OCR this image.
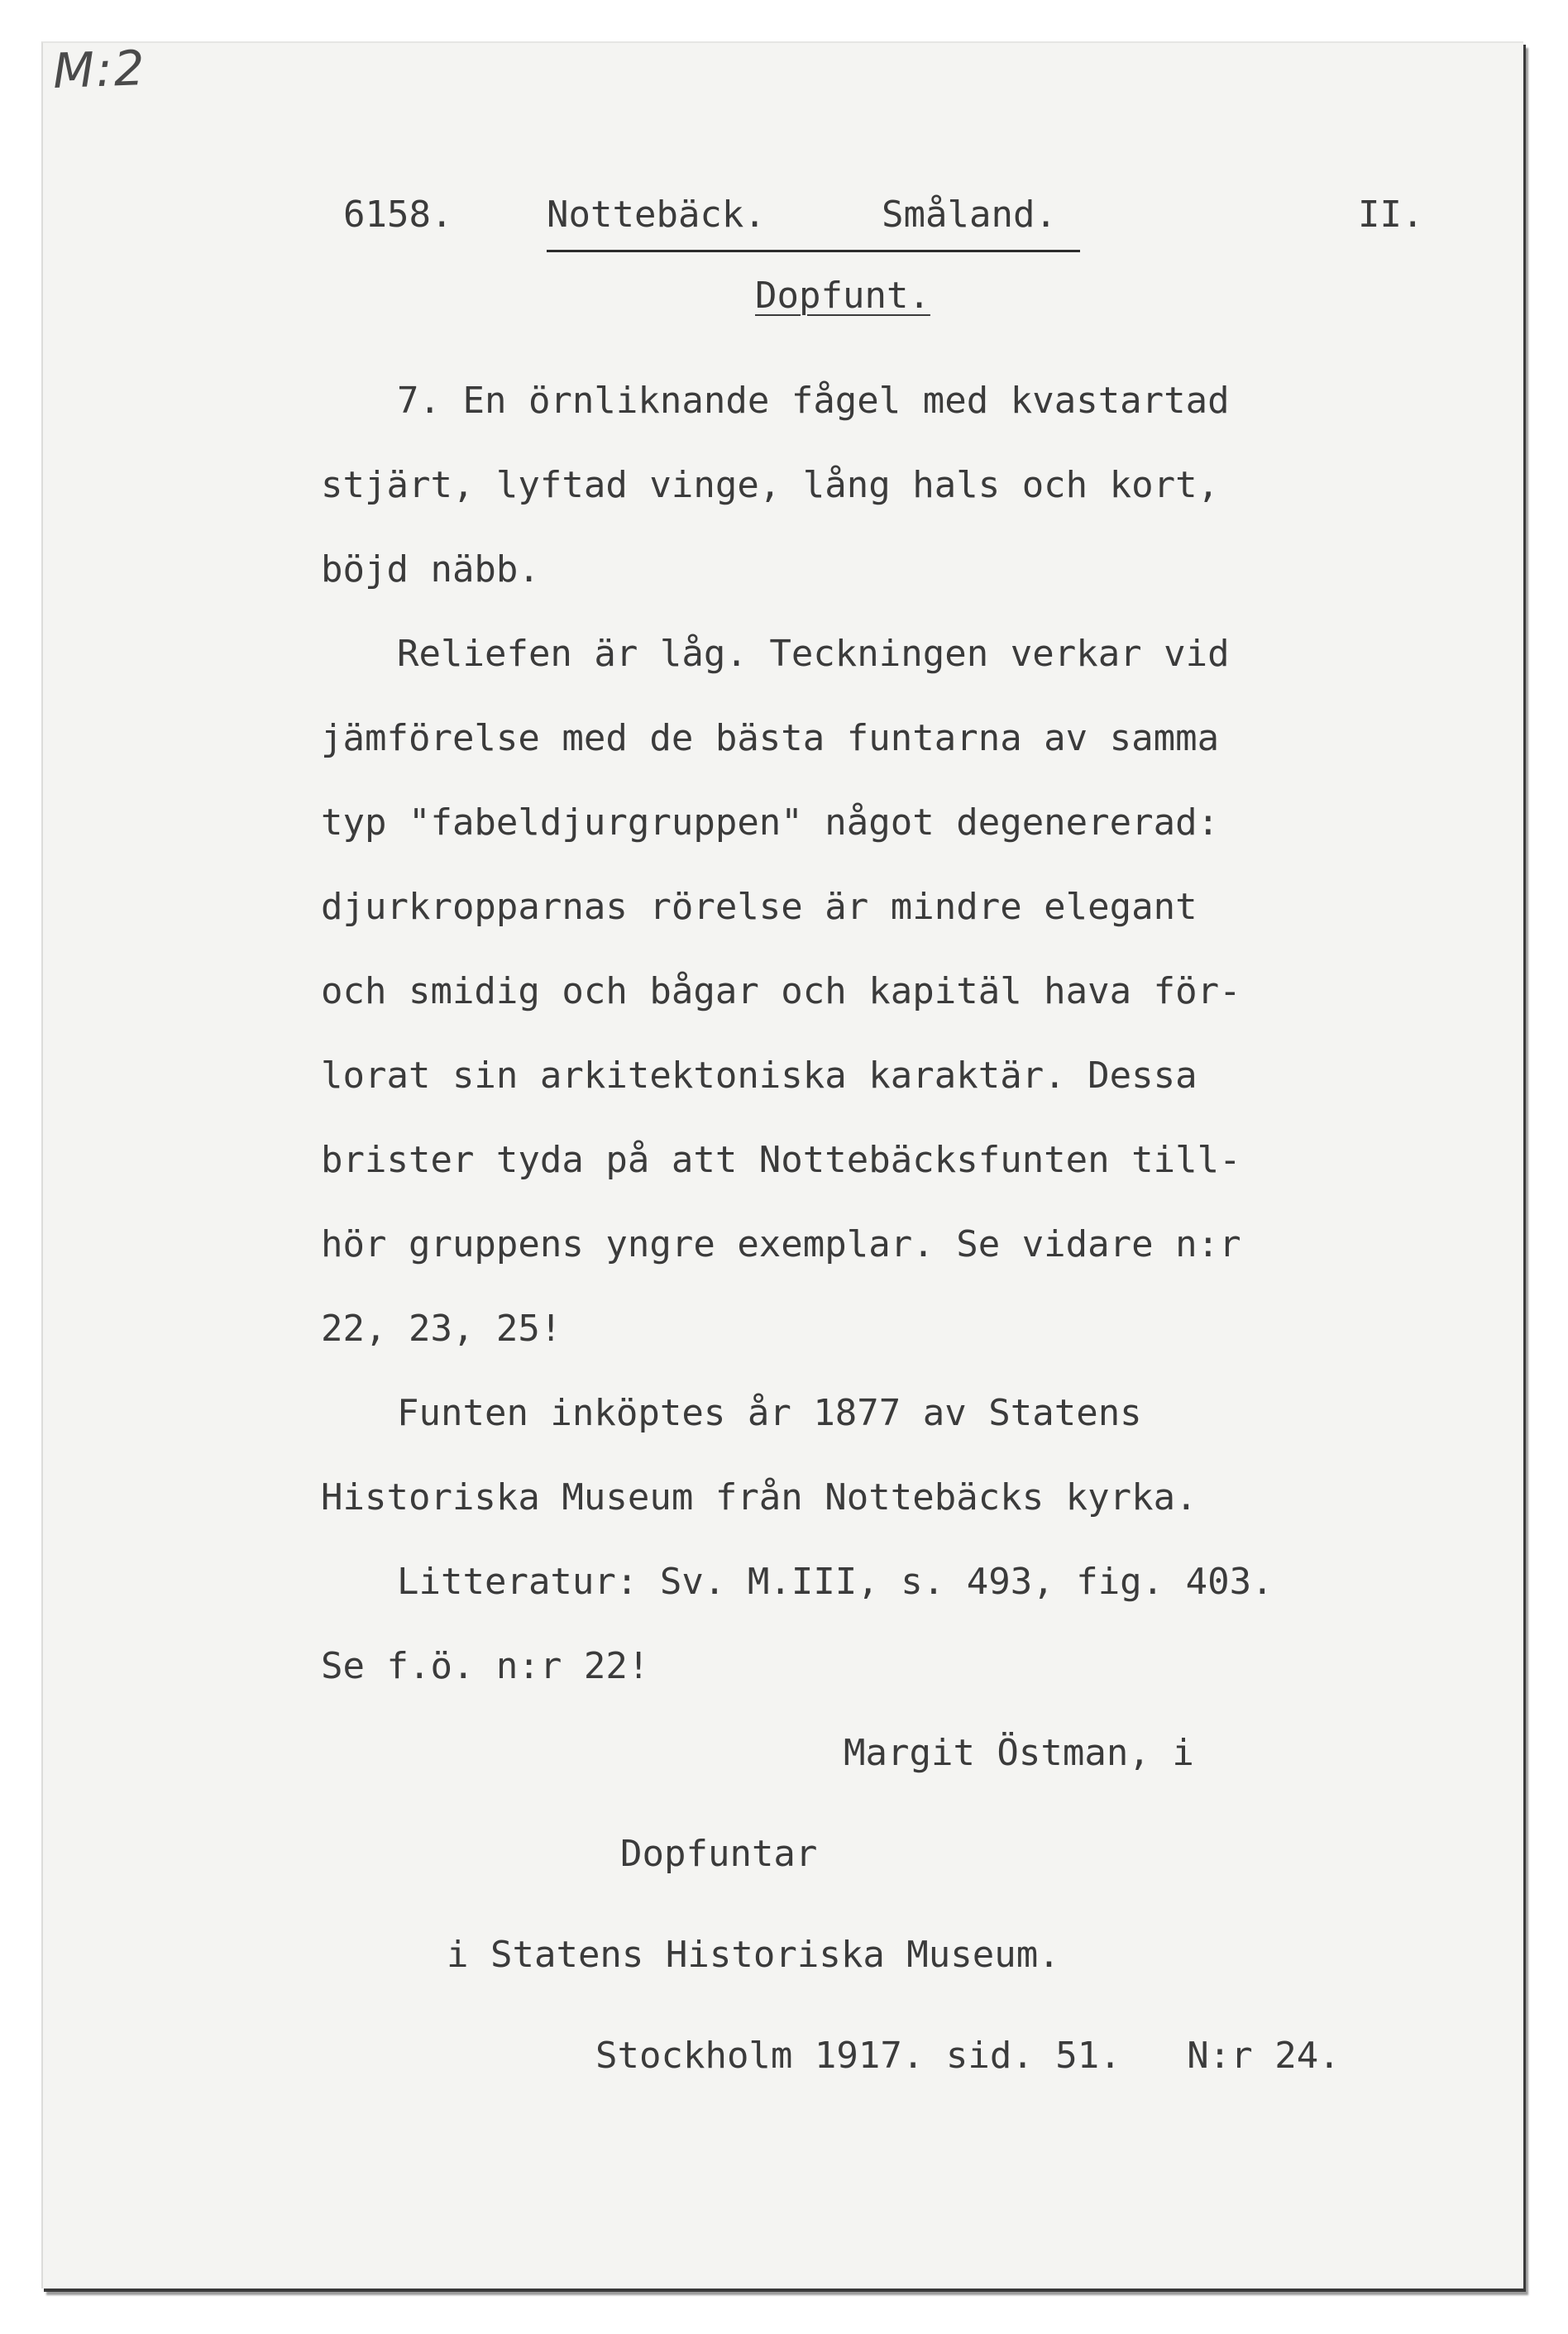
M:2
6158.	Nottebäck.	Småland.	II.
Dopfunt.
7. En örnliknande fågel med kvastartad
stjärt, lyftad vinge, lång hals och kort,
böjd näbb.
Reliefen är låg. Teckningen verkar vid
jämförelse med de bästa funtarna av samma
typ "fabeldjurgruppen" något degenererad:
djurkropparnas rörelse är mindre elegant
och smidig och bågar och kapitäl hava för-
lorat sin arkitektoniska karaktär. Dessa
brister tyda på att Nottebäcksfunten till-
hör gruppens yngre exemplar. Se vidare n:r
22, 23, 25!
Funten inköptes år 1877 av Statens
Historiska Museum från Nottebäcks kyrka.
Litteratur: Sv. M.III, s. 493, fig. 403.
Se f.ö. n:r 22!
Margit Östman, i
Dopfuntar
i Statens Historiska Museum.
Stockholm 1917. sid. 51.   N:r 24.
